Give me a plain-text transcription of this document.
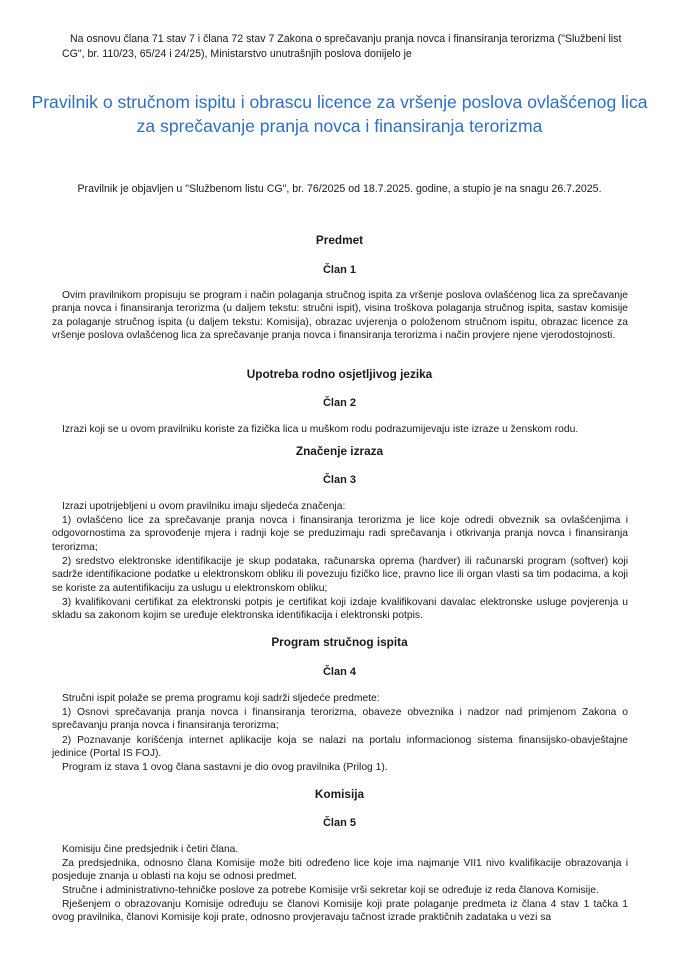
Na osnovu člana 71 stav 7 i člana 72 stav 7 Zakona o sprečavanju pranja novca i finansiranja terorizma ("Službeni list CG", br. 110/23, 65/24 i 24/25), Ministarstvo unutrašnjih poslova donijelo je
Pravilnik o stručnom ispitu i obrascu licence za vršenje poslova ovlašćenog lica za sprečavanje pranja novca i finansiranja terorizma
Pravilnik je objavljen u "Službenom listu CG", br. 76/2025 od 18.7.2025. godine, a stupio je na snagu 26.7.2025.
Predmet
Član 1
Ovim pravilnikom propisuju se program i način polaganja stručnog ispita za vršenje poslova ovlašćenog lica za sprečavanje pranja novca i finansiranja terorizma (u daljem tekstu: stručni ispit), visina troškova polaganja stručnog ispita, sastav komisije za polaganje stručnog ispita (u daljem tekstu: Komisija), obrazac uvjerenja o položenom stručnom ispitu, obrazac licence za vršenje poslova ovlašćenog lica za sprečavanje pranja novca i finansiranja terorizma i način provjere njene vjerodostojnosti.
Upotreba rodno osjetljivog jezika
Član 2
Izrazi koji se u ovom pravilniku koriste za fizička lica u muškom rodu podrazumijevaju iste izraze u ženskom rodu.
Značenje izraza
Član 3
Izrazi upotrijebljeni u ovom pravilniku imaju sljedeća značenja:
1) ovlašćeno lice za sprečavanje pranja novca i finansiranja terorizma je lice koje odredi obveznik sa ovlašćenjima i odgovornostima za sprovođenje mjera i radnji koje se preduzimaju radi sprečavanja i otkrivanja pranja novca i finansiranja terorizma;
2) sredstvo elektronske identifikacije je skup podataka, računarska oprema (hardver) ili računarski program (softver) koji sadrže identifikacione podatke u elektronskom obliku ili povezuju fizičko lice, pravno lice ili organ vlasti sa tim podacima, a koji se koriste za autentifikaciju za uslugu u elektronskom obliku;
3) kvalifikovani certifikat za elektronski potpis je certifikat koji izdaje kvalifikovani davalac elektronske usluge povjerenja u skladu sa zakonom kojim se uređuje elektronska identifikacija i elektronski potpis.
Program stručnog ispita
Član 4
Stručni ispit polaže se prema programu koji sadrži sljedeće predmete:
1) Osnovi sprečavanja pranja novca i finansiranja terorizma, obaveze obveznika i nadzor nad primjenom Zakona o sprečavanju pranja novca i finansiranja terorizma;
2) Poznavanje korišćenja internet aplikacije koja se nalazi na portalu informacionog sistema finansijsko-obavještajne jedinice (Portal IS FOJ).
Program iz stava 1 ovog člana sastavni je dio ovog pravilnika (Prilog 1).
Komisija
Član 5
Komisiju čine predsjednik i četiri člana.
Za predsjednika, odnosno člana Komisije može biti određeno lice koje ima najmanje VII1 nivo kvalifikacije obrazovanja i posjeduje znanja u oblasti na koju se odnosi predmet.
Stručne i administrativno-tehničke poslove za potrebe Komisije vrši sekretar koji se određuje iz reda članova Komisije.
Rješenjem o obrazovanju Komisije određuju se članovi Komisije koji prate polaganje predmeta iz člana 4 stav 1 tačka 1 ovog pravilnika, članovi Komisije koji prate, odnosno provjeravaju tačnost izrade praktičnih zadataka u vezi sa
